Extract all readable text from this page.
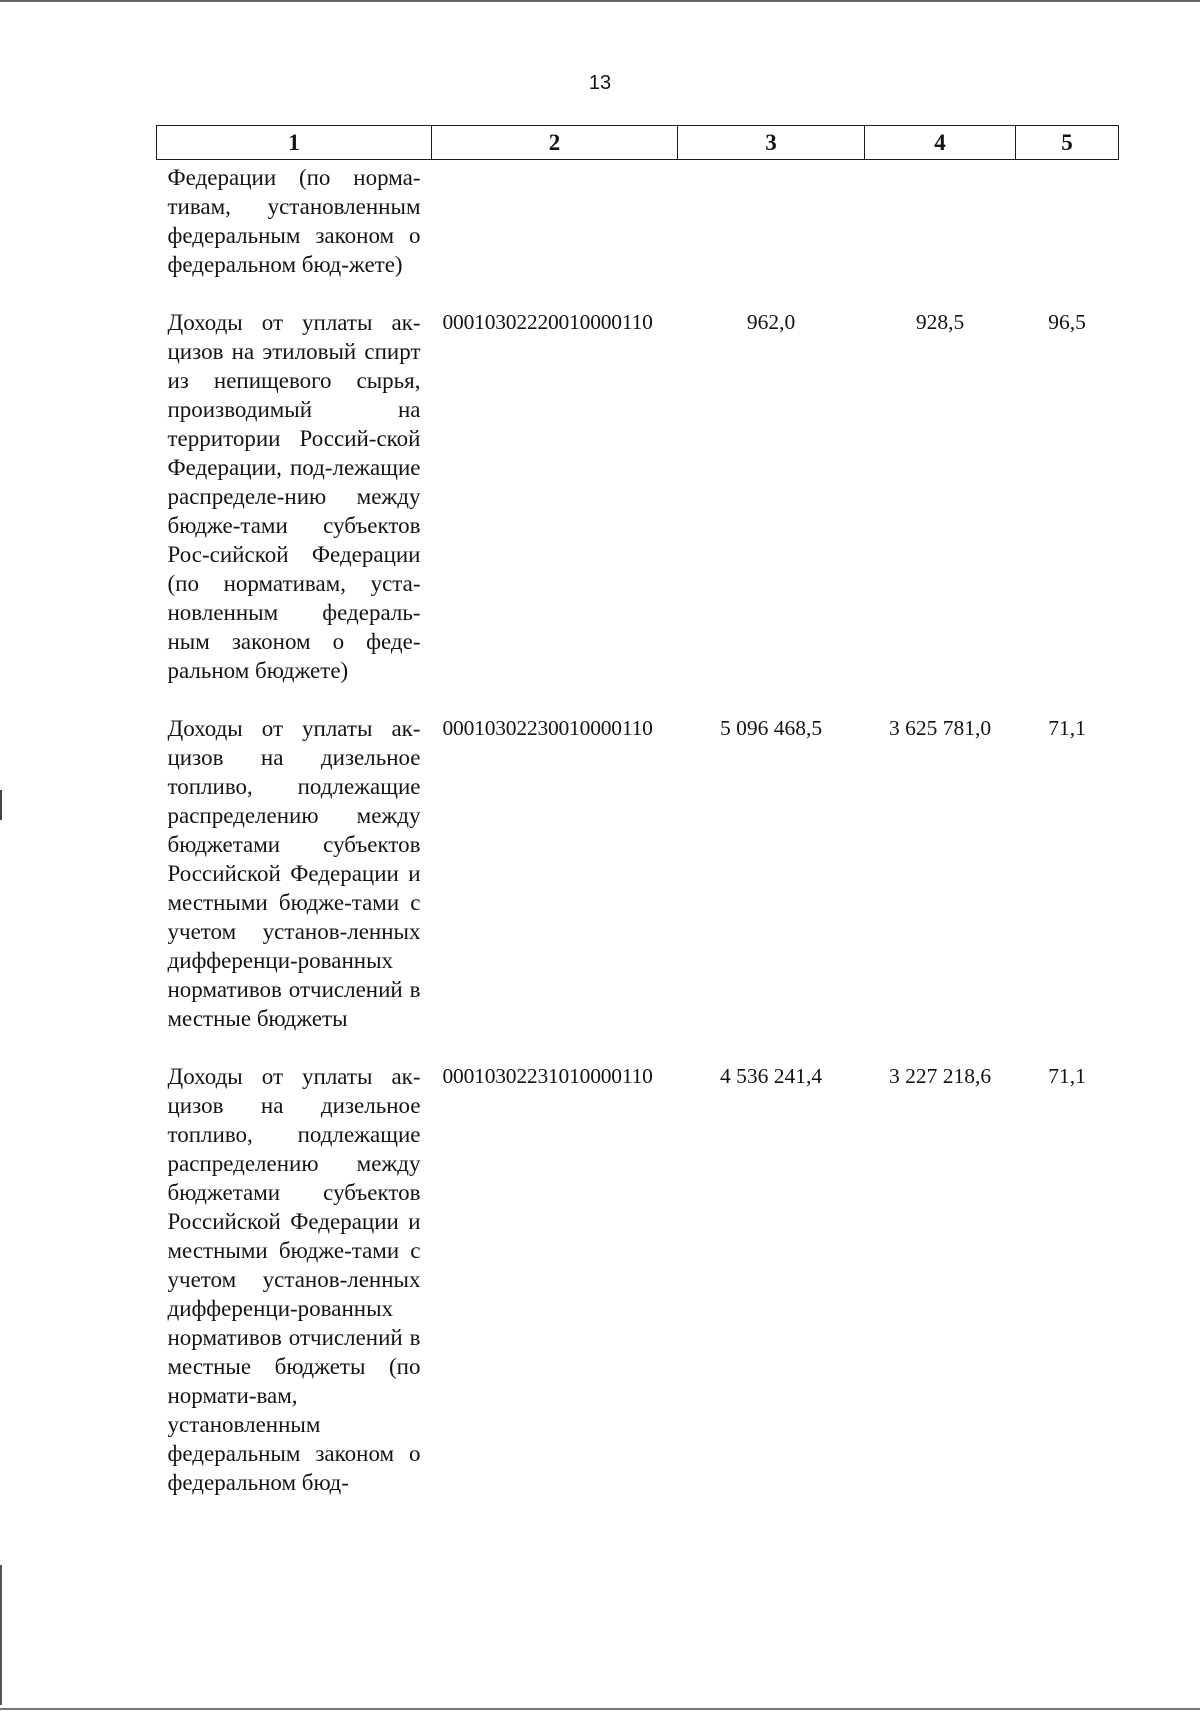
13
1	2	3	4	5
Федерации (по норма-тивам, установленным федеральным законом о федеральном бюд-жете)				
Доходы от уплаты ак-цизов на этиловый спирт из непищевого сырья, производимый на территории Россий-ской Федерации, под-лежащие распределе-нию между бюдже-тами субъектов Рос-сийской Федерации (по нормативам, уста-новленным федераль-ным законом о феде-ральном бюджете)	00010302220010000110	962,0	928,5	96,5
Доходы от уплаты ак-цизов на дизельное топливо, подлежащие распределению между бюджетами субъектов Российской Федерации и местными бюдже-тами с учетом установ-ленных дифференци-рованных нормативов отчислений в местные бюджеты	00010302230010000110	5 096 468,5	3 625 781,0	71,1
Доходы от уплаты ак-цизов на дизельное топливо, подлежащие распределению между бюджетами субъектов Российской Федерации и местными бюдже-тами с учетом установ-ленных дифференци-рованных нормативов отчислений в местные бюджеты (по нормати-вам, установленным федеральным законом о федеральном бюд-	00010302231010000110	4 536 241,4	3 227 218,6	71,1
